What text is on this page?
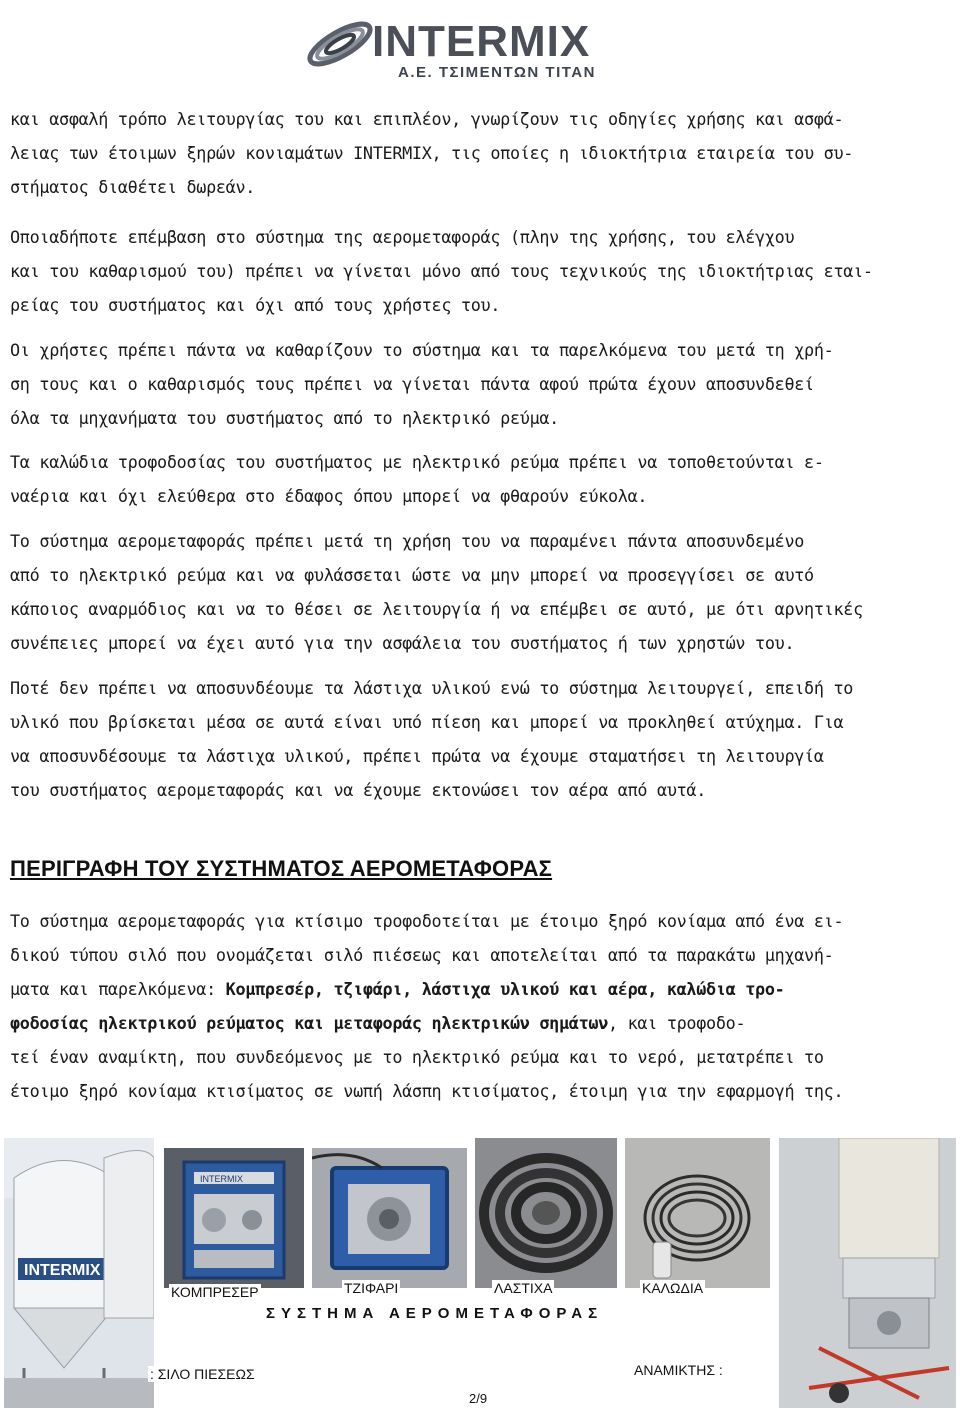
INTERMIX
Α.Ε. ΤΣΙΜΕΝΤΩΝ ΤΙΤΑΝ
και ασφαλή τρόπο λειτουργίας του και επιπλέον, γνωρίζουν τις οδηγίες χρήσης και ασφά-
λειας των έτοιμων ξηρών κονιαμάτων INTERMIX, τις οποίες η ιδιοκτήτρια εταιρεία του συ-
στήματος διαθέτει δωρεάν.
Οποιαδήποτε επέμβαση στο σύστημα της αερομεταφοράς (πλην της χρήσης, του ελέγχου
και του καθαρισμού του) πρέπει να γίνεται μόνο από τους τεχνικούς της ιδιοκτήτριας εται-
ρείας του συστήματος και όχι από τους χρήστες του.
Οι χρήστες πρέπει πάντα να καθαρίζουν το σύστημα και τα παρελκόμενα του μετά τη χρή-
ση τους και ο καθαρισμός τους πρέπει να γίνεται πάντα αφού πρώτα έχουν αποσυνδεθεί
όλα τα μηχανήματα του συστήματος από το ηλεκτρικό ρεύμα.
Τα καλώδια τροφοδοσίας του συστήματος με ηλεκτρικό ρεύμα πρέπει να τοποθετούνται ε-
ναέρια και όχι ελεύθερα στο έδαφος όπου μπορεί να φθαρούν εύκολα.
Το σύστημα αερομεταφοράς πρέπει μετά τη χρήση του να παραμένει πάντα αποσυνδεμένο
από το ηλεκτρικό ρεύμα και να φυλάσσεται ώστε να μην μπορεί να προσεγγίσει σε αυτό
κάποιος αναρμόδιος και να το θέσει σε λειτουργία ή να επέμβει σε αυτό, με ότι αρνητικές
συνέπειες μπορεί να έχει αυτό για την ασφάλεια του συστήματος ή των χρηστών του.
Ποτέ δεν πρέπει να αποσυνδέουμε τα λάστιχα υλικού ενώ το σύστημα λειτουργεί, επειδή το
υλικό που βρίσκεται μέσα σε αυτά είναι υπό πίεση και μπορεί να προκληθεί ατύχημα. Για
να αποσυνδέσουμε τα λάστιχα υλικού, πρέπει πρώτα να έχουμε σταματήσει τη λειτουργία
του συστήματος αερομεταφοράς και να έχουμε εκτονώσει τον αέρα από αυτά.
ΠΕΡΙΓΡΑΦΗ ΤΟΥ ΣΥΣΤΗΜΑΤΟΣ ΑΕΡΟΜΕΤΑΦΟΡΑΣ
Το σύστημα αερομεταφοράς για κτίσιμο τροφοδοτείται με έτοιμο ξηρό κονίαμα από ένα ει-
δικού τύπου σιλό που ονομάζεται σιλό πιέσεως και αποτελείται από τα παρακάτω μηχανή-
ματα και παρελκόμενα: Κομπρεσέρ, τζιφάρι, λάστιχα υλικού και αέρα, καλώδια τρο-
φοδοσίας ηλεκτρικού ρεύματος και μεταφοράς ηλεκτρικών σημάτων, και τροφοδο-
τεί έναν αναμίκτη, που συνδεόμενος με το ηλεκτρικό ρεύμα και το νερό, μετατρέπει το
έτοιμο ξηρό κονίαμα κτισίματος σε νωπή λάσπη κτισίματος, έτοιμη για την εφαρμογή της.
INTERMIX
INTERMIX
ΚΟΜΠΡΕΣΕΡ	ΤΖΙΦΑΡΙ	ΛΑΣΤΙΧΑ	ΚΑΛΩΔΙΑ
ΣΥΣΤΗΜΑ ΑΕΡΟΜΕΤΑΦΟΡΑΣ
: ΣΙΛΟ ΠΙΕΣΕΩΣ	ΑΝΑΜΙΚΤΗΣ :
2/9
